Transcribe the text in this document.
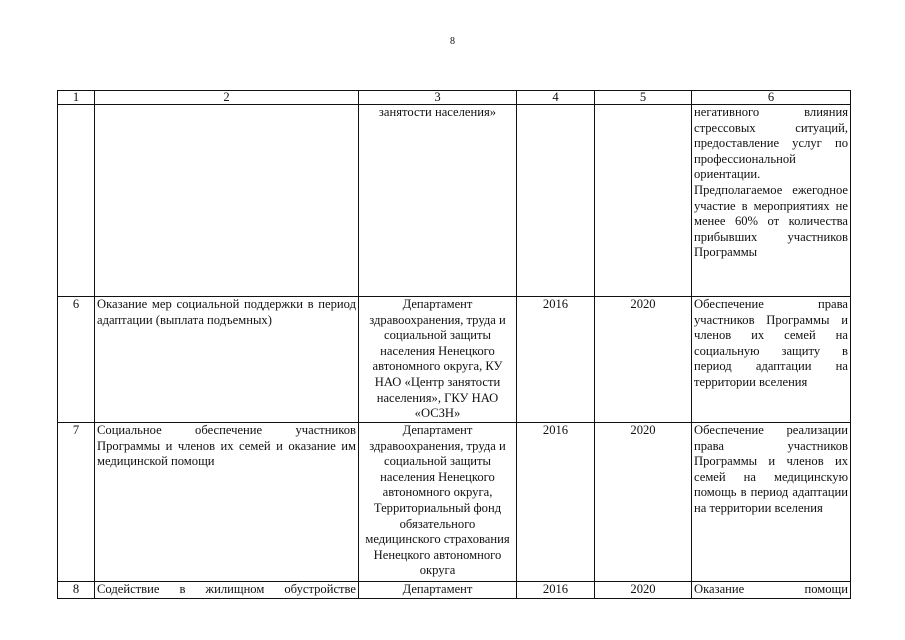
8
1	2	3	4	5	6
		занятости населения»			негативного влияния стрессовых ситуаций, предоставление услуг по профессиональной ориентации. Предполагаемое ежегодное участие в мероприятиях не менее 60% от количества прибывших участников Программы
6	Оказание мер социальной поддержки в период адаптации (выплата подъемных)	Департамент здравоохранения, труда и социальной защиты населения Ненецкого автономного округа, КУ НАО «Центр занятости населения», ГКУ НАО «ОСЗН»	2016	2020	Обеспечение права участников Программы и членов их семей на социальную защиту в период адаптации на территории вселения
7	Социальное обеспечение участников Программы и членов их семей и оказание им медицинской помощи	Департамент здравоохранения, труда и социальной защиты населения Ненецкого автономного округа, Территориальный фонд обязательного медицинского страхования Ненецкого автономного округа	2016	2020	Обеспечение реализации права участников Программы и членов их семей на медицинскую помощь в период адаптации на территории вселения
8	Содействие в жилищном обустройстве	Департамент	2016	2020	Оказание помощи
